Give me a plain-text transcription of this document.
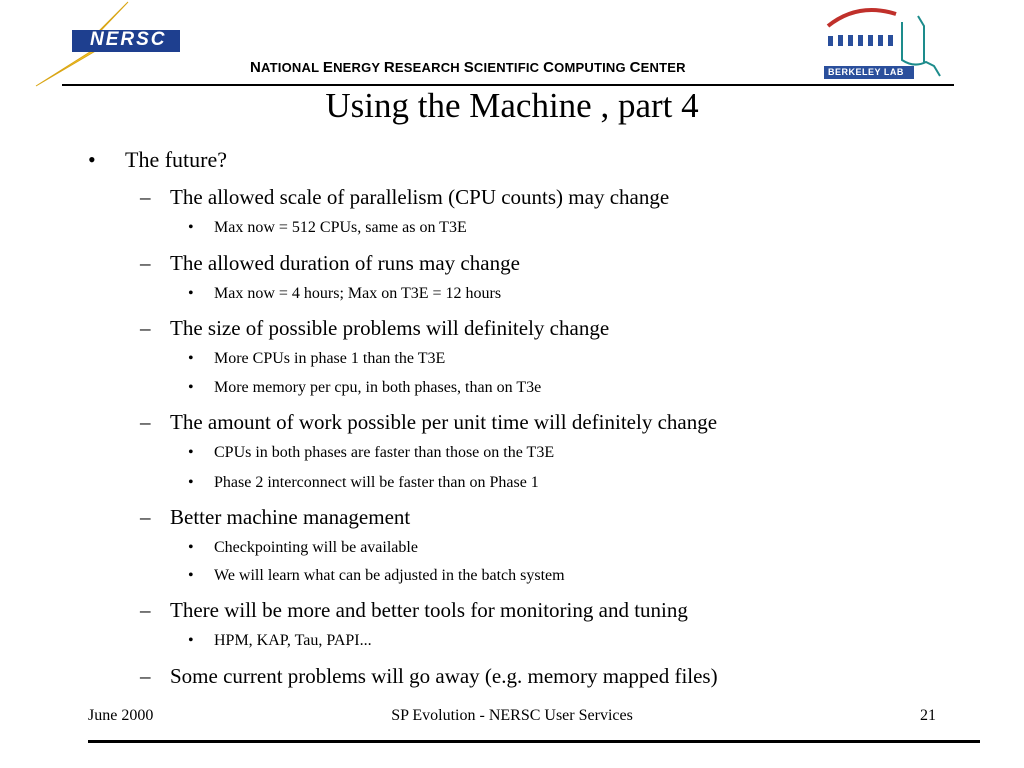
NERSC
NATIONAL ENERGY RESEARCH SCIENTIFIC COMPUTING CENTER	BERKELEY LAB
Using the Machine , part 4
• The future?
– The allowed scale of parallelism (CPU counts) may change
• Max now = 512 CPUs, same as on T3E
– The allowed duration of runs may change
• Max now = 4 hours; Max on T3E = 12 hours
– The size of possible problems will definitely change
• More CPUs in phase 1 than the T3E
• More memory per cpu, in both phases, than on T3e
– The amount of work possible per unit time will definitely change
• CPUs in both phases are faster than those on the T3E
• Phase 2 interconnect will be faster than on Phase 1
– Better machine management
• Checkpointing will be available
• We will learn what can be adjusted in the batch system
– There will be more and better tools for monitoring and tuning
• HPM, KAP, Tau, PAPI...
– Some current problems will go away (e.g. memory mapped files)
June 2000	SP Evolution - NERSC User Services	21
